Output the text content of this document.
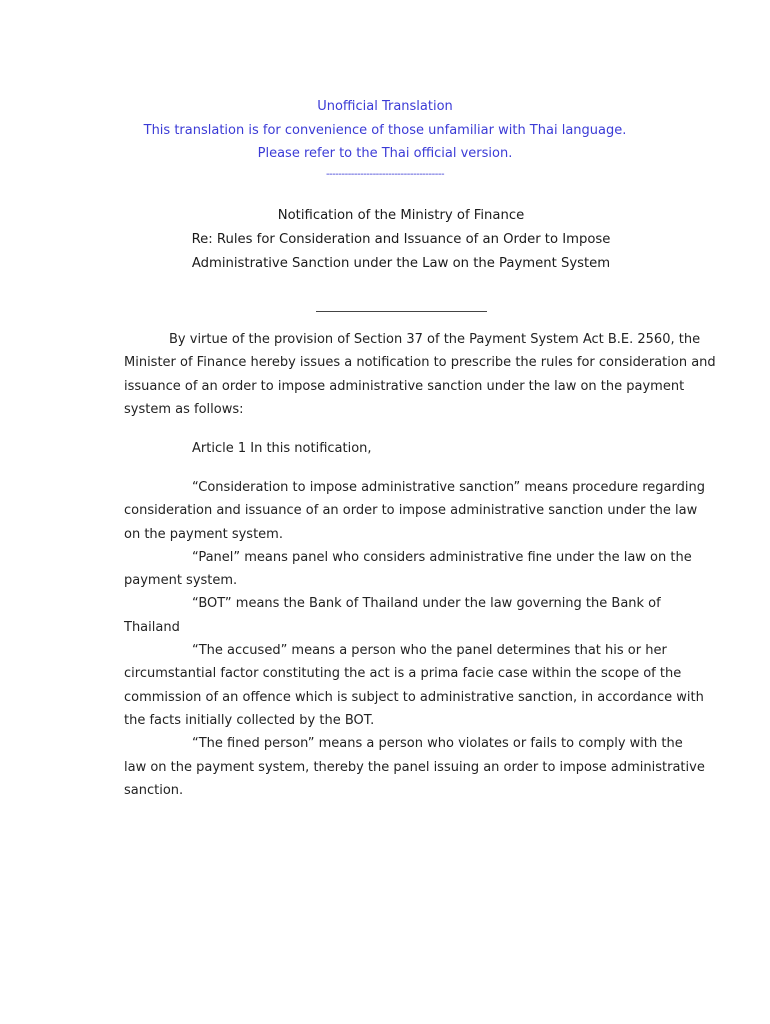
Unofficial Translation
This translation is for convenience of those unfamiliar with Thai language.
Please refer to the Thai official version.
--------------------------------------
Notification of the Ministry of Finance
Re: Rules for Consideration and Issuance of an Order to Impose
Administrative Sanction under the Law on the Payment System
By virtue of the provision of Section 37 of the Payment System Act B.E. 2560, the
Minister of Finance hereby issues a notification to prescribe the rules for consideration and
issuance of an order to impose administrative sanction under the law on the payment
system as follows:
Article 1 In this notification,
“Consideration to impose administrative sanction” means procedure regarding
consideration and issuance of an order to impose administrative sanction under the law
on the payment system.
“Panel” means panel who considers administrative fine under the law on the
payment system.
“BOT” means the Bank of Thailand under the law governing the Bank of
Thailand
“The accused” means a person who the panel determines that his or her
circumstantial factor constituting the act is a prima facie case within the scope of the
commission of an offence which is subject to administrative sanction, in accordance with
the facts initially collected by the BOT.
“The fined person” means a person who violates or fails to comply with the
law on the payment system, thereby the panel issuing an order to impose administrative
sanction.
